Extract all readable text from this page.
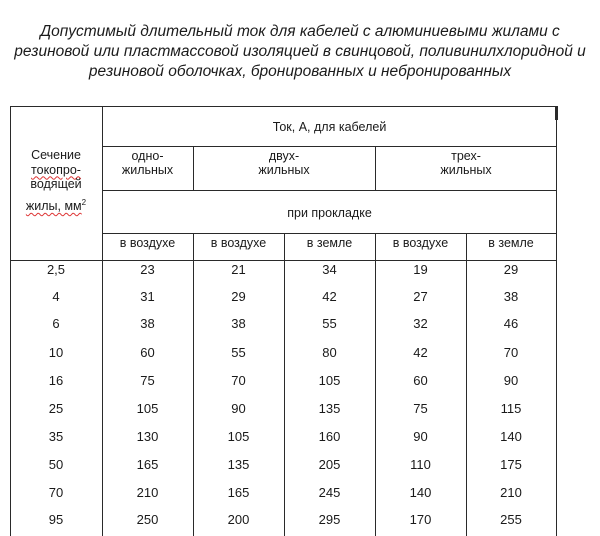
Допустимый длительный ток для кабелей с алюминиевыми жилами с
резиновой или пластмассовой изоляцией в свинцовой, поливинилхлоридной и
резиновой оболочках, бронированных и небронированных
Ток, А, для кабелей
Сечение
токопро-
водящей
жилы, $мм^2$
одно-
жильных
двух-
жильных
трех-
жильных
при прокладке
в воздухе	в воздухе	в земле	в воздухе	в земле
2,5	23	21	34	19	29
4	31	29	42	27	38
6	38	38	55	32	46
10	60	55	80	42	70
16	75	70	105	60	90
25	105	90	135	75	115
35	130	105	160	90	140
50	165	135	205	110	175
70	210	165	245	140	210
95	250	200	295	170	255
